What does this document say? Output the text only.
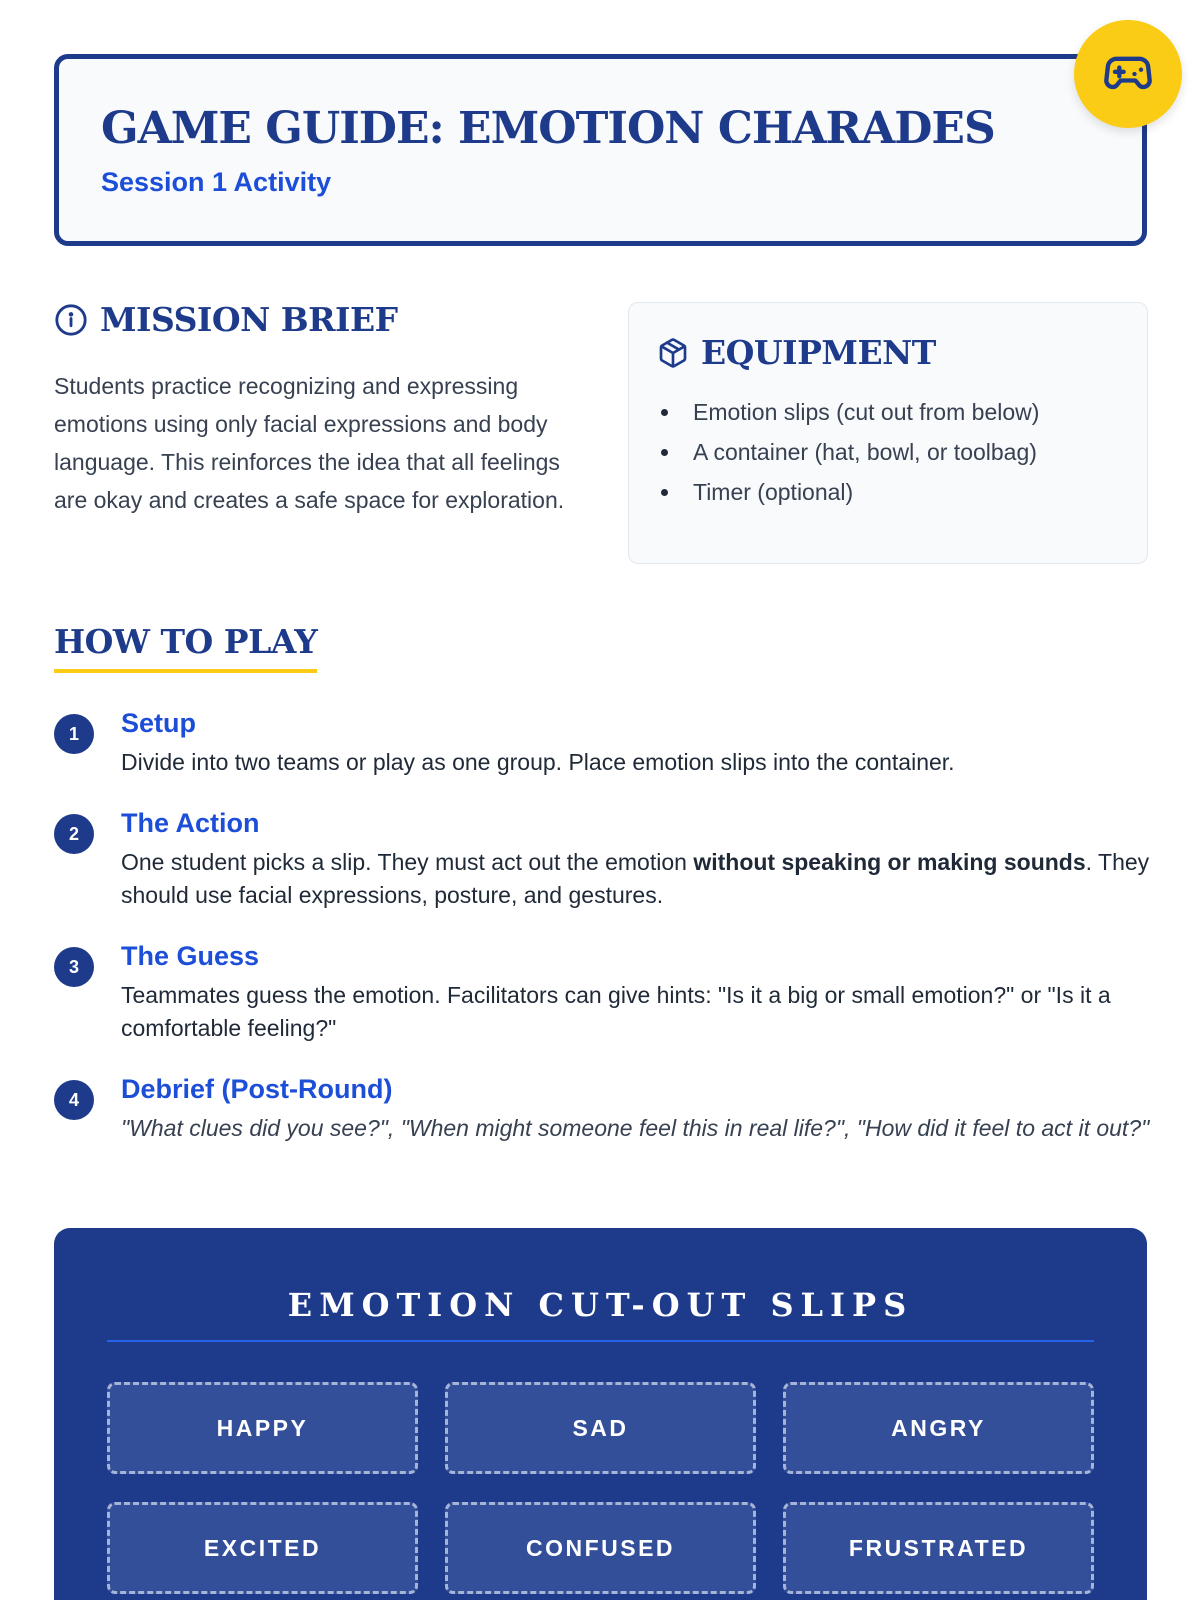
GAME GUIDE: EMOTION CHARADES
Session 1 Activity
MISSION BRIEF

Students practice recognizing and expressing emotions using only facial expressions and body language. This reinforces the idea that all feelings are okay and creates a safe space for exploration.

EQUIPMENT
Emotion slips (cut out from below)
A container (hat, bowl, or toolbag)
Timer (optional)
HOW TO PLAY
1	Setup
Divide into two teams or play as one group. Place emotion slips into the container.
2	The Action
One student picks a slip. They must act out the emotion without speaking or making sounds. They should use facial expressions, posture, and gestures.
3	The Guess
Teammates guess the emotion. Facilitators can give hints: "Is it a big or small emotion?" or "Is it a comfortable feeling?"
4	Debrief (Post-Round)
"What clues did you see?", "When might someone feel this in real life?", "How did it feel to act it out?"
EMOTION CUT-OUT SLIPS
HAPPY	SAD	ANGRY
EXCITED	CONFUSED	FRUSTRATED
